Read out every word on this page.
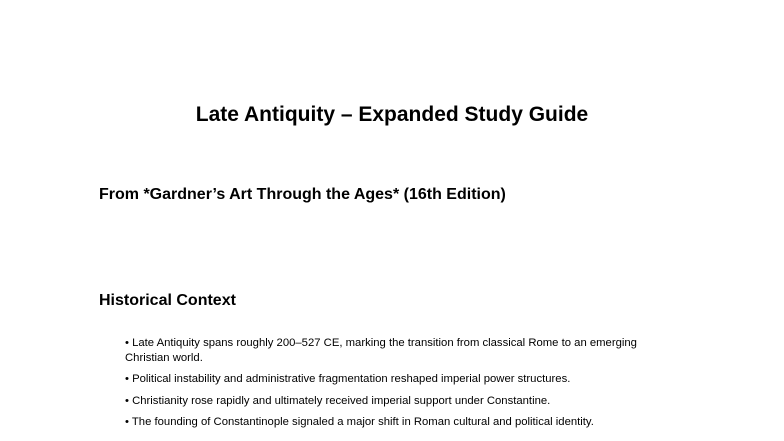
Late Antiquity – Expanded Study Guide
From *Gardner’s Art Through the Ages* (16th Edition)
Historical Context
• Late Antiquity spans roughly 200–527 CE, marking the transition from classical Rome to an emerging Christian world.
• Political instability and administrative fragmentation reshaped imperial power structures.
• Christianity rose rapidly and ultimately received imperial support under Constantine.
• The founding of Constantinople signaled a major shift in Roman cultural and political identity.
